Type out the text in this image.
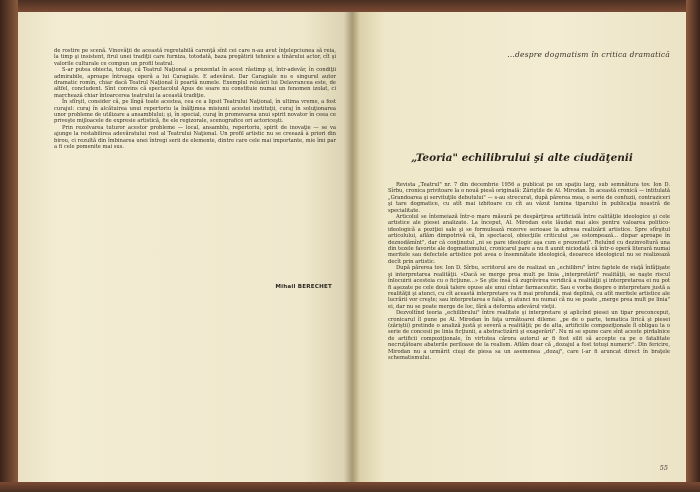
de rostire pe scenă. Vinovăţii de această regretabilă carenţă sînt cei care n-au avut înţelepciunea să reia, la timp şi insistent, firul unei tradiţii care furniza, totodată, baza pregătirii tehnice a tînărului actor, cît şi valorile culturale ce compun un profil teatral.

S-ar putea obiecta, totuşi, că Teatrul Naţional a prezentat în acest răstimp şi, într-adevăr, în condiţii admirabile, aproape întreaga operă a lui Caragiale. E adevărat. Dar Caragiale nu e singurul autor dramatic romîn, chiar dacă Teatrul Naţional îi poartă numele. Exemplul reluării lui Delavrancea este, de altfel, concludent. Sînt convins că spectacolul Apus de soare nu constituie numai un fenomen izolat, ci marchează chiar întoarcerea teatrului la această tradiţie.

În sfîrşit, consider că, pe lîngă toate acestea, cea ce a lipsit Teatrului Naţional, în ultima vreme, a fost curajul: curaj în alcătuirea unui repertoriu la înălţimea misiunii acestei instituţii, curaj în soluţionarea unor probleme de utilizare a ansamblului; şi, în special, curaj în promovarea unui spirit novator în ceea ce priveşte mijloacele de expresie artistică, fie ele regizorale, scenografice ori actoriceşti.

Prin rezolvarea tuturor acestor probleme — local, ansamblu, repertoriu, spirit de inovaţie — se va ajunge la restabilirea adevăratului rost al Teatrului Naţional. Un profil artistic nu se creează à priori din birou, ci rezultă din îmbinarea unei întregi serii de elemente, dintre care cele mai importante, mie îmi par a fi cele pomenite mai sus.

Mihail BERECHET
...despre dogmatism în critica dramatică
„Teoria" echilibrului şi alte ciudăţenii

Revista „Teatrul" nr. 7 din decembrie 1956 a publicat pe un spaţiu larg, sub semnătura tov. Ion D. Sîrbu, cronica privitoare la o nouă piesă originală: Zăriştile de Al. Mirodan. În această cronică — intitulată „Grandoarea şi servituţile debutului" — s-au strecurat, după părerea mea, o serie de confuzii, contraziceri şi tare dogmatice, cu atît mai izbitoare cu cît au văzut lumina tiparului în publicaţia noastră de specialitate.

Articolul se întemeiază într-o mare măsură pe despărţirea artificială între calităţile ideologice şi cele artistice ale piesei analizate. La început, Al. Mirodan este lăudat mai ales pentru valoarea politico-ideologică a poziţiei sale şi se formulează rezerve serioase la adresa realizării artistice. Spre sfîrşitul articolului, aflăm dimpotrivă că, în spectacol, obiecţiile criticului „se estompează... dispar aproape în deznodămînt", dar că conţinutul „ni se pare ideologic aşa cum e prezentat". Reluînd cu dezinvoltură una din tezele favorite ale dogmatismului, cronicarul pare a nu fi aunit niciodată că într-o operă literară numai meritele sau defectele artistice pot avea o însemnătate ideologică, deoarece ideologicul nu se realizează decît prin artistic.

După părerea tov. Ion D. Sîrbu, scriitorul are de realizat un „echilibru" între faptele de viaţă înfăţişate şi interpretarea realităţii. «Dacă se merge prea mult pe linia „interpretării" realităţii, se naşte riscul înlocuirii acesteia cu o ficţiune...» Se ştie însă că zugrăvirea veridică a realităţii şi interpretarea ei nu pot fi aşezate pe cele două talere opuse ale unui cîntar farmaceutic. Sau e vorba despre o interpretare justă a realităţii şi atunci, cu cît această interpretare va fi mai profundă, mai deplină, cu atît meritele artistice ale lucrării vor creşte; sau interpretarea e falsă, şi atunci nu numai că nu se poate „merge prea mult pe linia" ei, dar nu se poate merge de loc, fără a deforma adevărul vieţii.

Dezvoltînd teoria „echilibrului" între realitate şi interpretare şi aplicînd piesei un tipar preconceput, cronicarul îl pune pe Al. Mirodan în faţa următoarei dileme: „pe de o parte, tematica lirică şi piesei (zăriştii) pretinde o analiză justă şi severă a realităţii; pe de alta, artificiile compoziţionale îl obligau la o serie de concesii pe linia ficţiunii, a abstractizării şi exagerării". Nu ni se spune care sînt aceste pirdalnice de artificii compoziţionale, în virtutea cărora autorul ar fi fost silit să accepte ca pe o fatalitate necruţătoare abaterile periloase de la realism. Aflăm doar că „dozajul a fost totuşi numeric". Din fericire, Mirodan nu a urmărit ciuşi de piesa sa un asemenea „dozaj", care l-ar fi aruncat direct în braţele schematismului.

55
